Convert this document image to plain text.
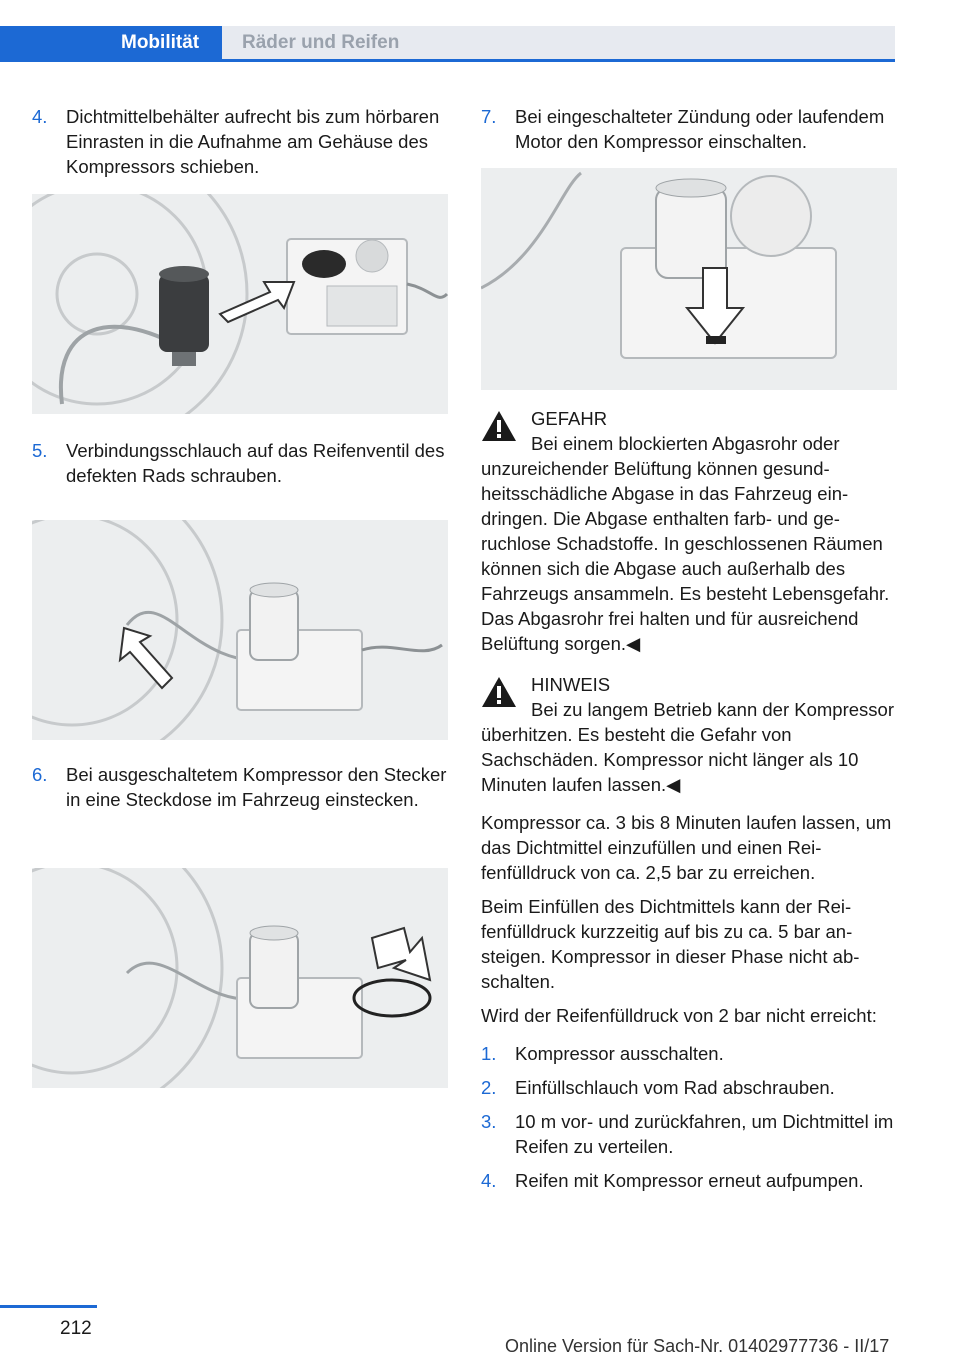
Mobilität	Räder und Reifen
4. Dichtmittelbehälter aufrecht bis zum hörbaren Einrasten in die Aufnahme am Gehäuse des Kompressors schieben.
5. Verbindungsschlauch auf das Reifenventil des defekten Rads schrauben.
6. Bei ausgeschaltetem Kompressor den Stecker in eine Steckdose im Fahrzeug einstecken.
7. Bei eingeschalteter Zündung oder laufendem Motor den Kompressor einschalten.
GEFAHR
Bei einem blockierten Abgasrohr oder unzureichender Belüftung können gesundheitsschädliche Abgase in das Fahrzeug eindringen. Die Abgase enthalten farb- und geruchlose Schadstoffe. In geschlossenen Räumen können sich die Abgase auch außerhalb des Fahrzeugs ansammeln. Es besteht Lebensgefahr. Das Abgasrohr frei halten und für ausreichend Belüftung sorgen.◀
HINWEIS
Bei zu langem Betrieb kann der Kompressor überhitzen. Es besteht die Gefahr von Sachschäden. Kompressor nicht länger als 10 Minuten laufen lassen.◀
Kompressor ca. 3 bis 8 Minuten laufen lassen, um das Dichtmittel einzufüllen und einen Reifenfülldruck von ca. 2,5 bar zu erreichen.
Beim Einfüllen des Dichtmittels kann der Reifenfülldruck kurzzeitig auf bis zu ca. 5 bar ansteigen. Kompressor in dieser Phase nicht abschalten.
Wird der Reifenfülldruck von 2 bar nicht erreicht:
1. Kompressor ausschalten.
2. Einfüllschlauch vom Rad abschrauben.
3. 10 m vor- und zurückfahren, um Dichtmittel im Reifen zu verteilen.
4. Reifen mit Kompressor erneut aufpumpen.
212
Online Version für Sach-Nr. 01402977736 - II/17
